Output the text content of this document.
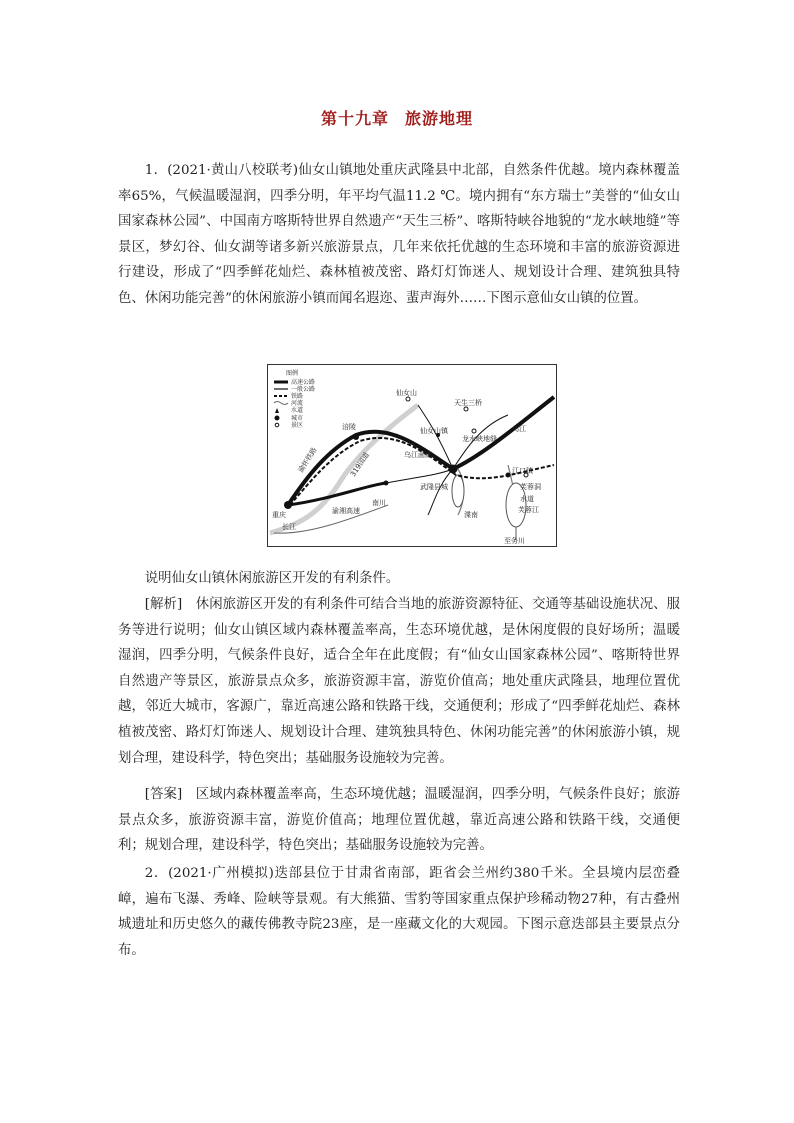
第十九章 旅游地理
1．(2021·黄山八校联考)仙女山镇地处重庆武隆县中北部，自然条件优越。境内森林覆盖率65%，气候温暖湿润，四季分明，年平均气温11.2 ℃。境内拥有“东方瑞士”美誉的“仙女山国家森林公园”、中国南方喀斯特世界自然遗产“天生三桥”、喀斯特峡谷地貌的“龙水峡地缝”等景区，梦幻谷、仙女湖等诸多新兴旅游景点，几年来依托优越的生态环境和丰富的旅游资源进行建设，形成了“四季鲜花灿烂、森林植被茂密、路灯灯饰迷人、规划设计合理、建筑独具特色、休闲功能完善”的休闲旅游小镇而闻名遐迩、蜚声海外……下图示意仙女山镇的位置。
图例
高速公路
一般公路
铁路
河流
水道
城市
景区
仙女山
天生三桥
仙女山镇
龙水峡地缝
乌江
乌江画廊
武隆县城
江口镇
芙蓉洞
水道
芙蓉江
重庆
长江
渝湘高速
南川
渫南
至务川
渝怀铁路	319国道
涪陵
说明仙女山镇休闲旅游区开发的有利条件。
[解析]　 休闲旅游区开发的有利条件可结合当地的旅游资源特征、交通等基础设施状况、服务等进行说明；仙女山镇区域内森林覆盖率高，生态环境优越，是休闲度假的良好场所；温暖湿润，四季分明，气候条件良好，适合全年在此度假；有“仙女山国家森林公园”、喀斯特世界自然遗产等景区，旅游景点众多，旅游资源丰富，游览价值高；地处重庆武隆县，地理位置优越，邻近大城市，客源广，靠近高速公路和铁路干线，交通便利；形成了“四季鲜花灿烂、森林植被茂密、路灯灯饰迷人、规划设计合理、建筑独具特色、休闲功能完善”的休闲旅游小镇，规划合理，建设科学，特色突出；基础服务设施较为完善。
[答案]　 区域内森林覆盖率高，生态环境优越；温暖湿润，四季分明，气候条件良好；旅游景点众多，旅游资源丰富，游览价值高；地理位置优越，靠近高速公路和铁路干线，交通便利；规划合理，建设科学，特色突出；基础服务设施较为完善。
2．(2021·广州模拟)迭部县位于甘肃省南部，距省会兰州约380千米。全县境内层峦叠嶂，遍布飞瀑、秀峰、险峡等景观。有大熊猫、雪豹等国家重点保护珍稀动物27种，有古叠州城遗址和历史悠久的藏传佛教寺院23座，是一座藏文化的大观园。下图示意迭部县主要景点分布。
